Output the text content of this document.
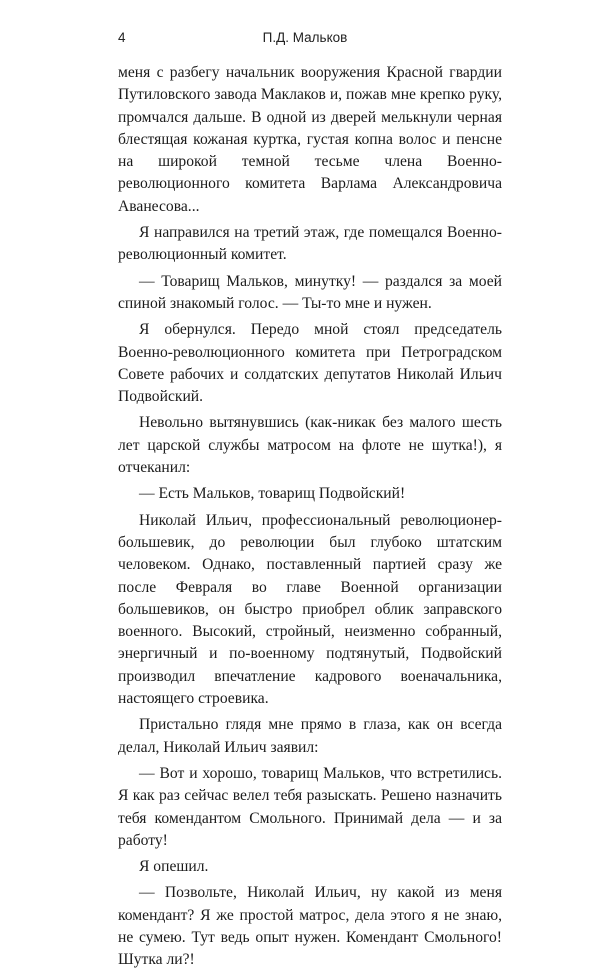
4	П.Д. Мальков

меня с разбегу начальник вооружения Красной гвардии Путиловского завода Маклаков и, пожав мне крепко руку, промчался дальше. В одной из дверей мелькнули черная блестящая кожаная куртка, густая копна волос и пенсне на широкой темной тесьме члена Военно-революционного комитета Варлама Александровича Аванесова...

Я направился на третий этаж, где помещался Военно-революционный комитет.

— Товарищ Мальков, минутку! — раздался за моей спиной знакомый голос. — Ты-то мне и нужен.

Я обернулся. Передо мной стоял председатель Военно-революционного комитета при Петроградском Совете рабочих и солдатских депутатов Николай Ильич Подвойский.

Невольно вытянувшись (как-никак без малого шесть лет царской службы матросом на флоте не шутка!), я отчеканил:

— Есть Мальков, товарищ Подвойский!

Николай Ильич, профессиональный революционер-большевик, до революции был глубоко штатским человеком. Однако, поставленный партией сразу же после Февраля во главе Военной организации большевиков, он быстро приобрел облик заправского военного. Высокий, стройный, неизменно собранный, энергичный и по-военному подтянутый, Подвойский производил впечатление кадрового военачальника, настоящего строевика.

Пристально глядя мне прямо в глаза, как он всегда делал, Николай Ильич заявил:

— Вот и хорошо, товарищ Мальков, что встретились. Я как раз сейчас велел тебя разыскать. Решено назначить тебя комендантом Смольного. Принимай дела — и за работу!

Я опешил.

— Позвольте, Николай Ильич, ну какой из меня комендант? Я же простой матрос, дела этого я не знаю, не сумею. Тут ведь опыт нужен. Комендант Смольного! Шутка ли?!
